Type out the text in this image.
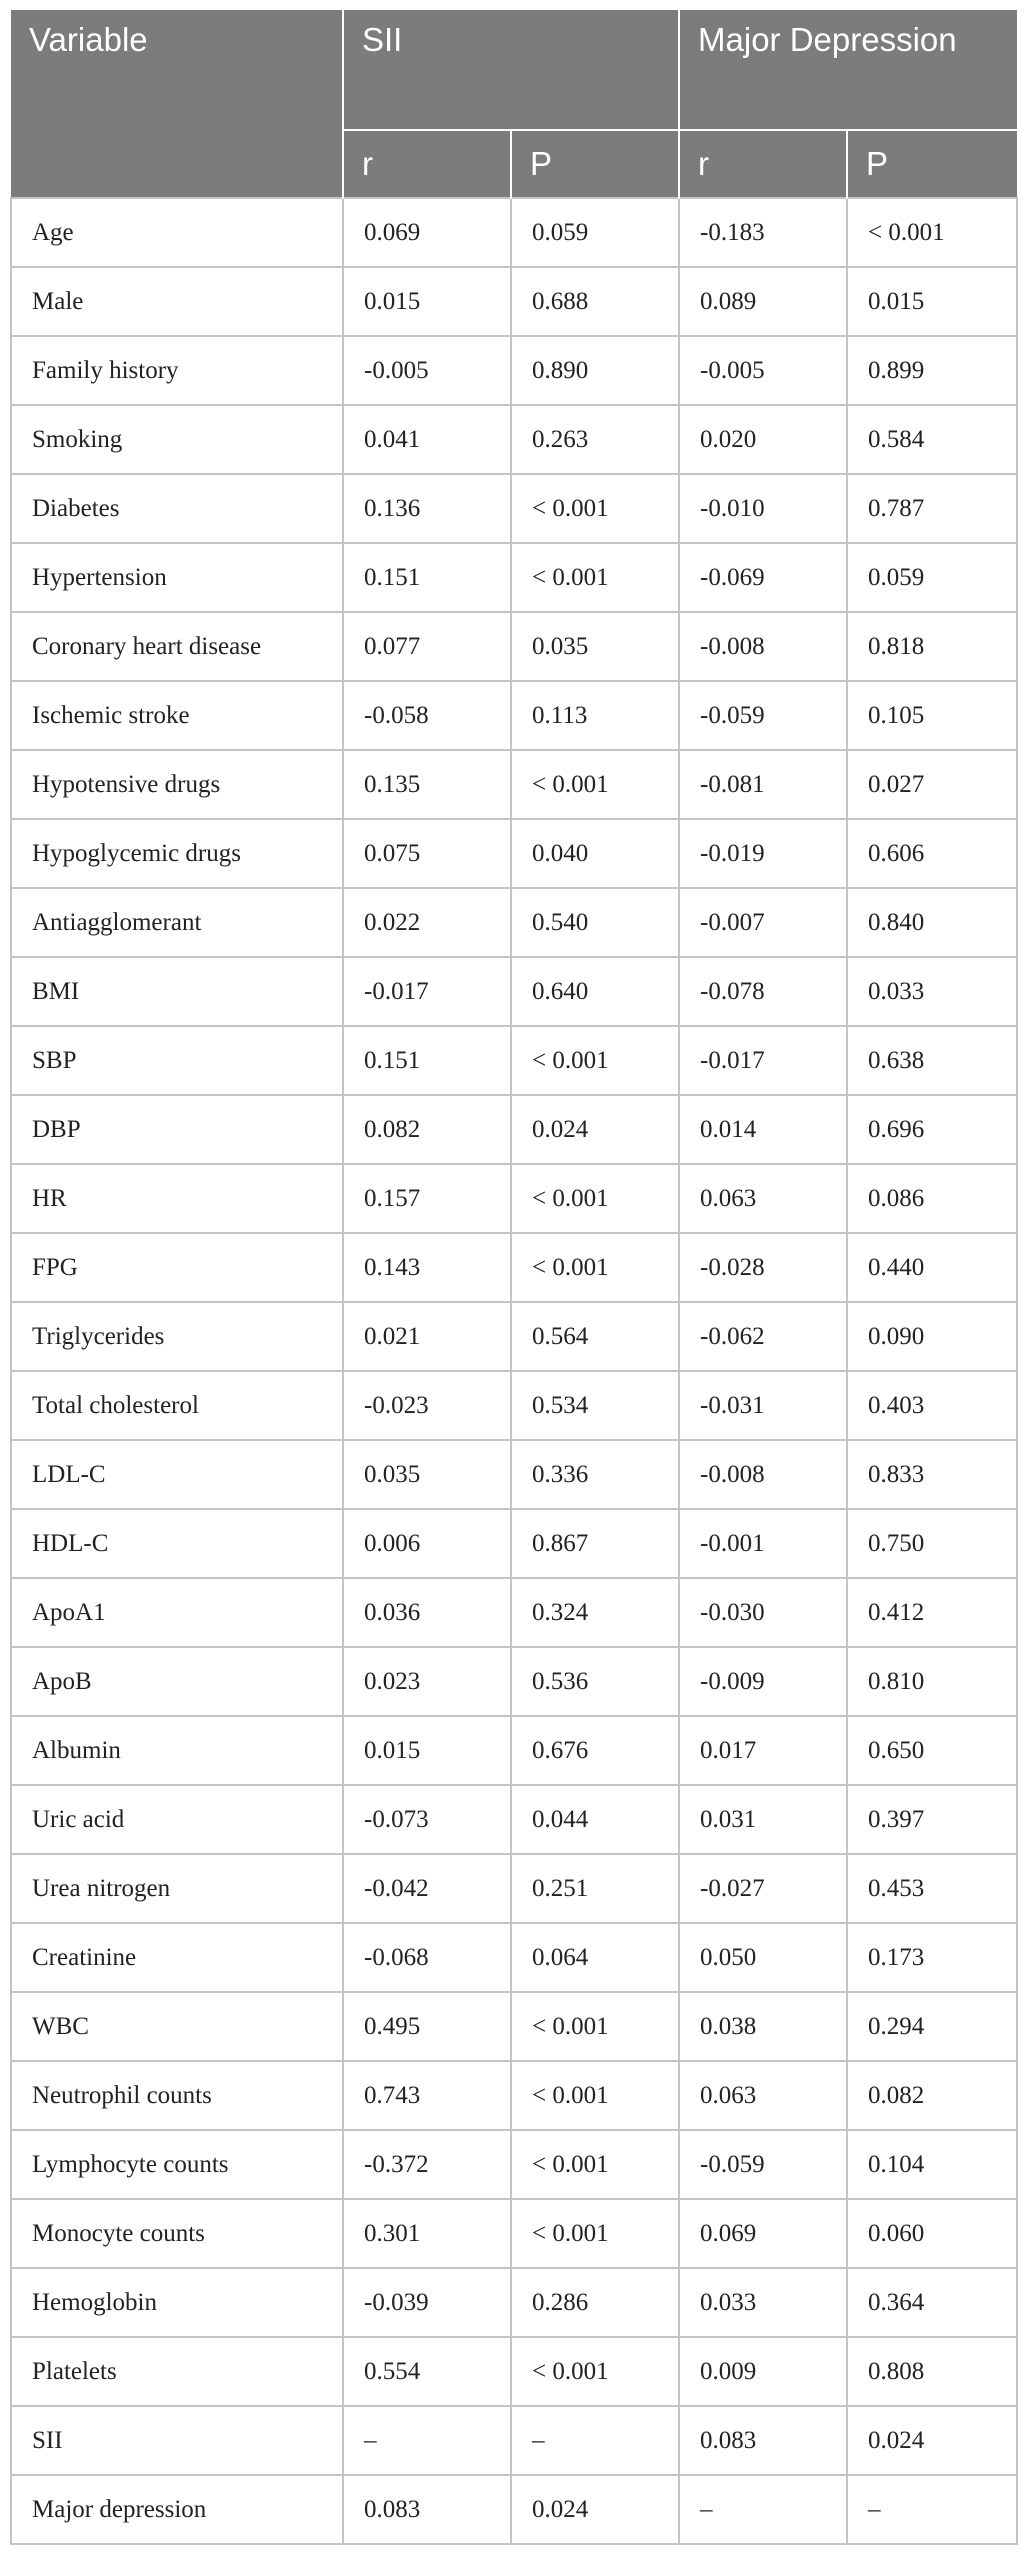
Variable	SII		Major Depression	
	r	P	r	P
Age	0.069	0.059	-0.183	< 0.001
Male	0.015	0.688	0.089	0.015
Family history	-0.005	0.890	-0.005	0.899
Smoking	0.041	0.263	0.020	0.584
Diabetes	0.136	< 0.001	-0.010	0.787
Hypertension	0.151	< 0.001	-0.069	0.059
Coronary heart disease	0.077	0.035	-0.008	0.818
Ischemic stroke	-0.058	0.113	-0.059	0.105
Hypotensive drugs	0.135	< 0.001	-0.081	0.027
Hypoglycemic drugs	0.075	0.040	-0.019	0.606
Antiagglomerant	0.022	0.540	-0.007	0.840
BMI	-0.017	0.640	-0.078	0.033
SBP	0.151	< 0.001	-0.017	0.638
DBP	0.082	0.024	0.014	0.696
HR	0.157	< 0.001	0.063	0.086
FPG	0.143	< 0.001	-0.028	0.440
Triglycerides	0.021	0.564	-0.062	0.090
Total cholesterol	-0.023	0.534	-0.031	0.403
LDL-C	0.035	0.336	-0.008	0.833
HDL-C	0.006	0.867	-0.001	0.750
ApoA1	0.036	0.324	-0.030	0.412
ApoB	0.023	0.536	-0.009	0.810
Albumin	0.015	0.676	0.017	0.650
Uric acid	-0.073	0.044	0.031	0.397
Urea nitrogen	-0.042	0.251	-0.027	0.453
Creatinine	-0.068	0.064	0.050	0.173
WBC	0.495	< 0.001	0.038	0.294
Neutrophil counts	0.743	< 0.001	0.063	0.082
Lymphocyte counts	-0.372	< 0.001	-0.059	0.104
Monocyte counts	0.301	< 0.001	0.069	0.060
Hemoglobin	-0.039	0.286	0.033	0.364
Platelets	0.554	< 0.001	0.009	0.808
SII	–	–	0.083	0.024
Major depression	0.083	0.024	–	–
